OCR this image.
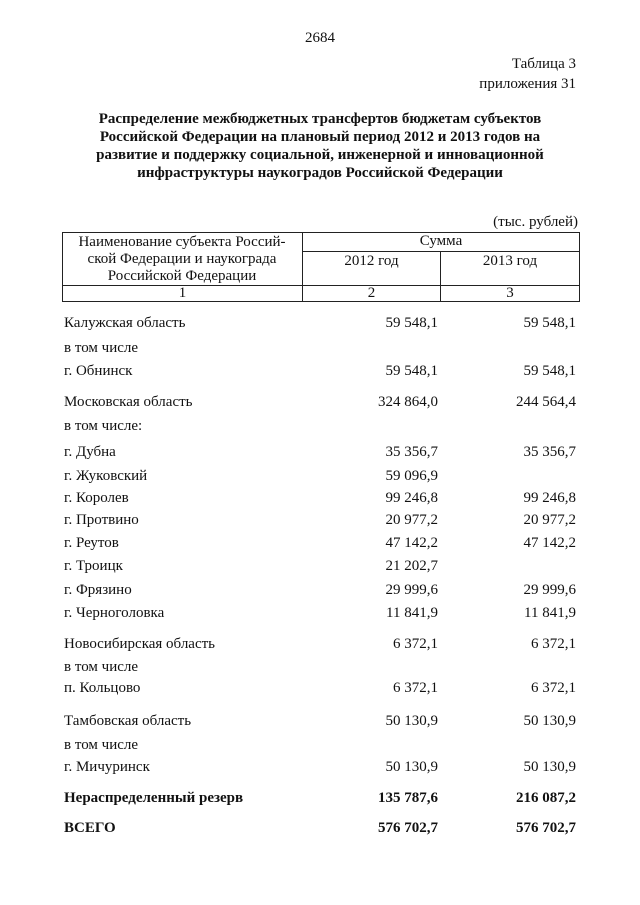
2684
Таблица 3
приложения 31
Распределение межбюджетных трансфертов бюджетам субъектов Российской Федерации на плановый период 2012 и 2013 годов на развитие и поддержку социальной, инженерной и инновационной инфраструктуры наукоградов Российской Федерации
(тыс. рублей)
Наименование субъекта Россий-
ской Федерации и наукограда
Российской Федерации
Сумма
2012 год	2013 год
1	2	3
Калужская область	59 548,1	59 548,1
в том числе
г. Обнинск	59 548,1	59 548,1
Московская область	324 864,0	244 564,4
в том числе:
г. Дубна	35 356,7	35 356,7
г. Жуковский	59 096,9
г. Королев	99 246,8	99 246,8
г. Протвино	20 977,2	20 977,2
г. Реутов	47 142,2	47 142,2
г. Троицк	21 202,7
г. Фрязино	29 999,6	29 999,6
г. Черноголовка	11 841,9	11 841,9
Новосибирская область	6 372,1	6 372,1
в том числе
п. Кольцово	6 372,1	6 372,1
Тамбовская область	50 130,9	50 130,9
в том числе
г. Мичуринск	50 130,9	50 130,9
Нераспределенный резерв	135 787,6	216 087,2
ВСЕГО	576 702,7	576 702,7
